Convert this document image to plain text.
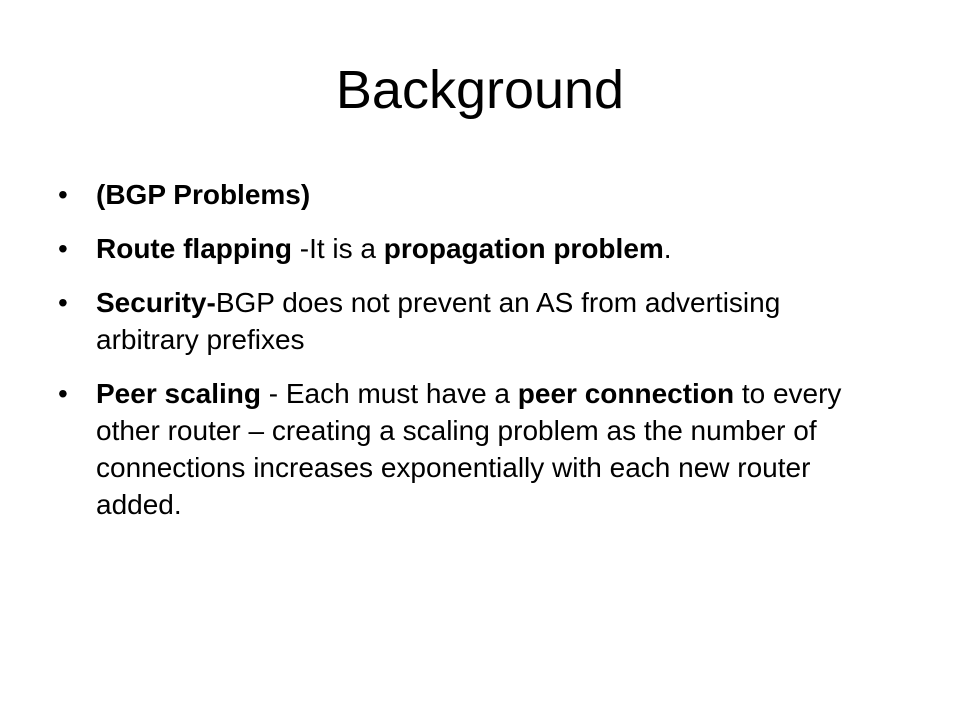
Background
• (BGP Problems)
• Route flapping -It is a propagation problem.
• Security-BGP does not prevent an AS from advertising arbitrary prefixes
• Peer scaling - Each must have a peer connection to every other router – creating a scaling problem as the number of connections increases exponentially with each new router added.
